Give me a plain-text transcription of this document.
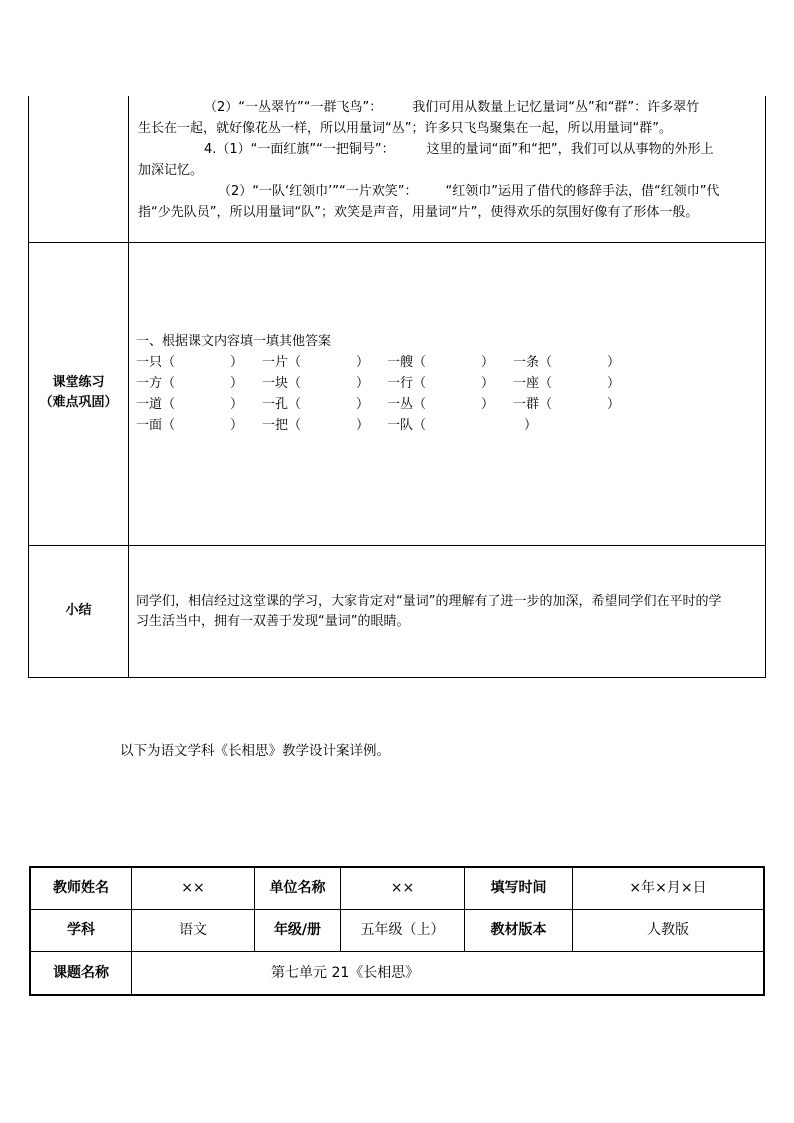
（2）“一丛翠竹”“一群飞鸟”： 我们可用从数量上记忆量词“丛”和“群”：许多翠竹
生长在一起，就好像花丛一样，所以用量词“丛”；许多只飞鸟聚集在一起，所以用量词“群”。
4.（1）“一面红旗”“一把铜号”： 这里的量词“面”和“把”，我们可以从事物的外形上
加深记忆。
（2）“一队‘红领巾’”“一片欢笑”： “红领巾”运用了借代的修辞手法，借“红领巾”代
指“少先队员”，所以用量词“队”；欢笑是声音，用量词“片”，使得欢乐的氛围好像有了形体一般。
课堂练习
（难点巩固）
一、根据课文内容填一填其他答案
一只（	） 一片（	） 一艘（	） 一条（	）
一方（	） 一块（	） 一行（	） 一座（	）
一道（	） 一孔（	） 一丛（	） 一群（	）
一面（	） 一把（	） 一队（	）
小结
同学们，相信经过这堂课的学习，大家肯定对“量词”的理解有了进一步的加深，希望同学们在平时的学
习生活当中，拥有一双善于发现“量词”的眼睛。
以下为语文学科《长相思》教学设计案详例。
教师姓名	××	单位名称	××	填写时间	×年×月×日
学科	语文	年级/册	五年级（上）	教材版本	人教版
课题名称	第七单元 21《长相思》
